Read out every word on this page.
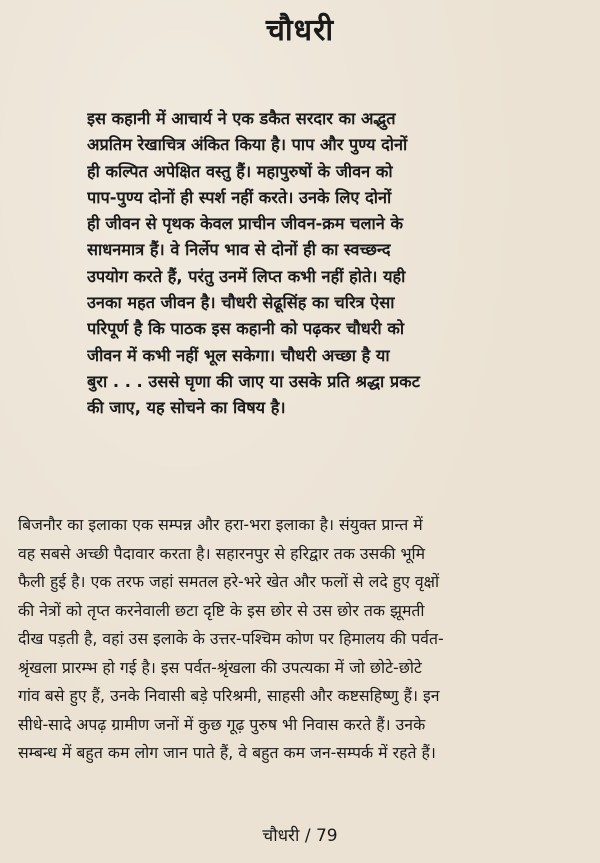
चौधरी
इस कहानी में आचार्य ने एक डकैत सरदार का अद्भुत
अप्रतिम रेखाचित्र अंकित किया है। पाप और पुण्य दोनों
ही कल्पित अपेक्षित वस्तु हैं। महापुरुषों के जीवन को
पाप-पुण्य दोनों ही स्पर्श नहीं करते। उनके लिए दोनों
ही जीवन से पृथक केवल प्राचीन जीवन-क्रम चलाने के
साधनमात्र हैं। वे निर्लेप भाव से दोनों ही का स्वच्छन्द
उपयोग करते हैं, परंतु उनमें लिप्त कभी नहीं होते। यही
उनका महत जीवन है। चौधरी सेढूसिंह का चरित्र ऐसा
परिपूर्ण है कि पाठक इस कहानी को पढ़कर चौधरी को
जीवन में कभी नहीं भूल सकेगा। चौधरी अच्छा है या
बुरा . . . उससे घृणा की जाए या उसके प्रति श्रद्धा प्रकट
की जाए, यह सोचने का विषय है।
बिजनौर का इलाका एक सम्पन्न और हरा-भरा इलाका है। संयुक्त प्रान्त में
वह सबसे अच्छी पैदावार करता है। सहारनपुर से हरिद्वार तक उसकी भूमि
फैली हुई है। एक तरफ जहां समतल हरे-भरे खेत और फलों से लदे हुए वृक्षों
की नेत्रों को तृप्त करनेवाली छटा दृष्टि के इस छोर से उस छोर तक झूमती
दीख पड़ती है, वहां उस इलाके के उत्तर-पश्चिम कोण पर हिमालय की पर्वत-
श्रृंखला प्रारम्भ हो गई है। इस पर्वत-श्रृंखला की उपत्यका में जो छोटे-छोटे
गांव बसे हुए हैं, उनके निवासी बड़े परिश्रमी, साहसी और कष्टसहिष्णु हैं। इन
सीधे-सादे अपढ़ ग्रामीण जनों में कुछ गूढ़ पुरुष भी निवास करते हैं। उनके
सम्बन्ध में बहुत कम लोग जान पाते हैं, वे बहुत कम जन-सम्पर्क में रहते हैं।
चौधरी / 79
